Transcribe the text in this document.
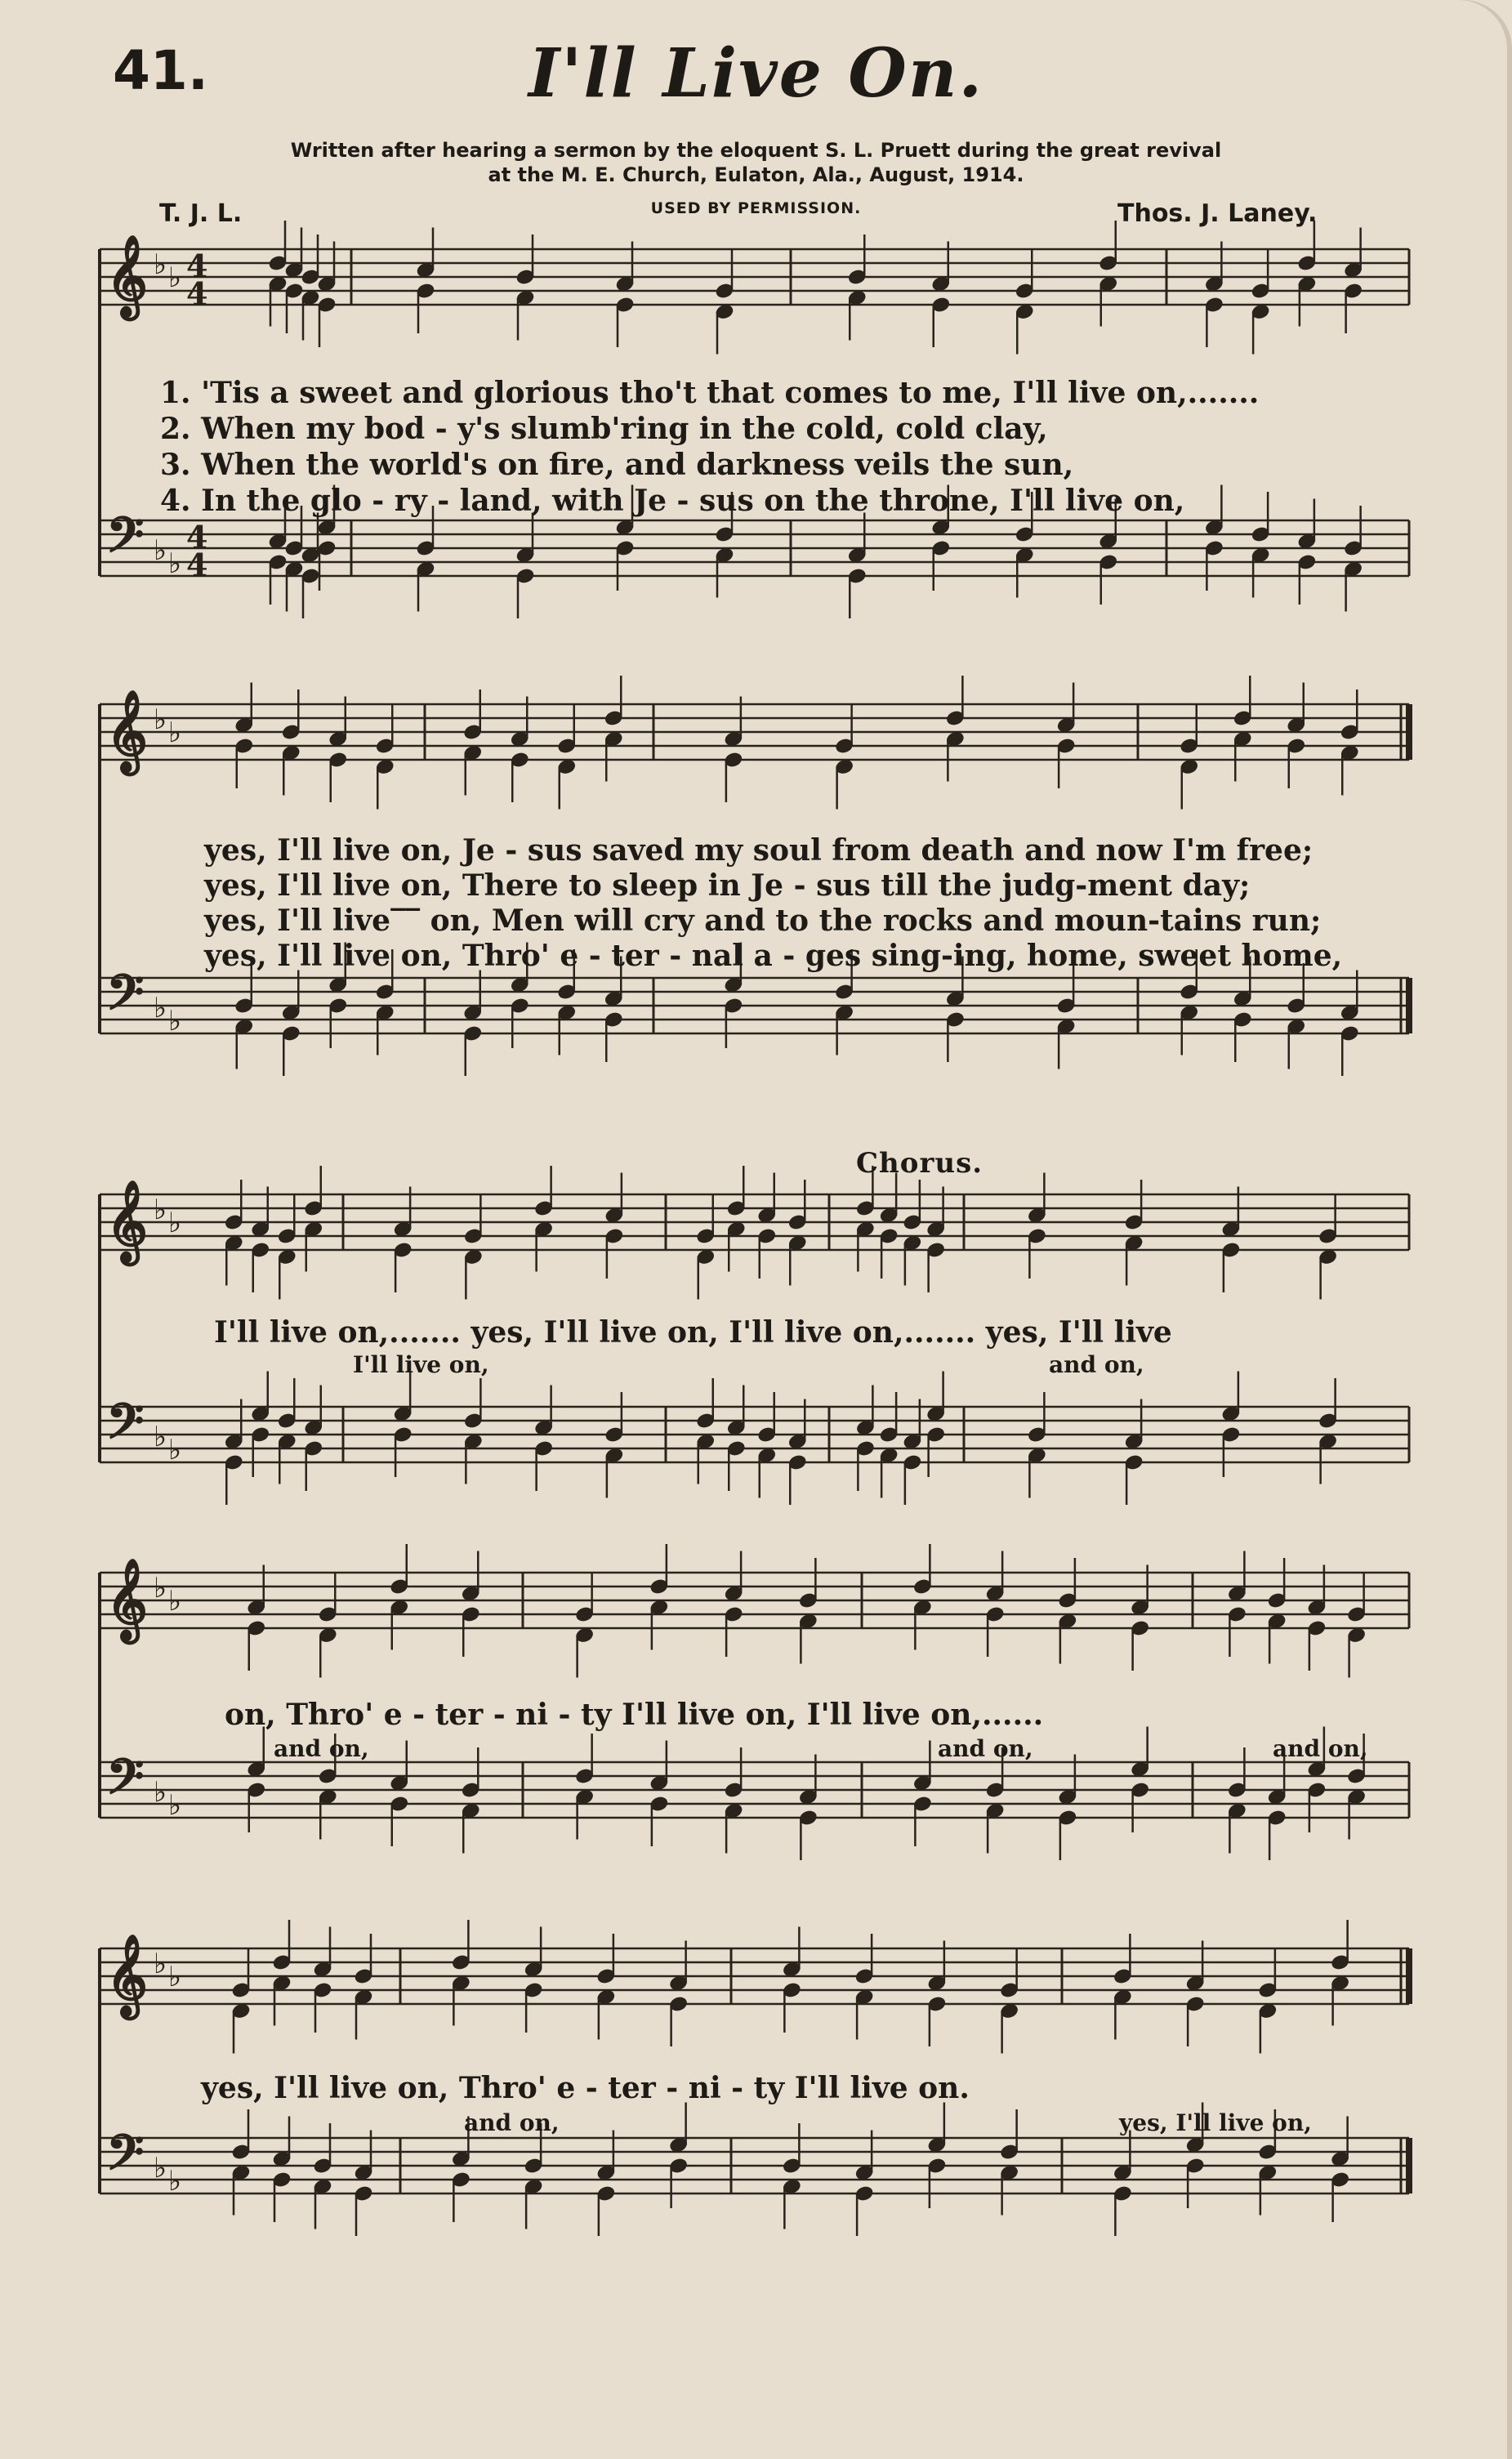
41.	I'll Live On.
Written after hearing a sermon by the eloquent S. L. Pruett during the great revival
at the M. E. Church, Eulaton, Ala., August, 1914.
T. J. L.	USED BY PERMISSION.	Thos. J. Laney.
𝄞
𝄢
♭ ♭
♭ ♭
4
4
4
4
𝄞
𝄢
♭ ♭
♭ ♭
𝄞
𝄢
♭ ♭
♭ ♭
𝄞
𝄢
♭ ♭
♭ ♭
𝄞
𝄢
♭ ♭
♭ ♭
1. 'Tis a sweet and glorious tho't that comes to me, I'll live on,.......
2. When my bod - y's slumb'ring in the cold, cold clay,
3. When the world's on fire, and darkness veils the sun,
4. In the glo - ry - land, with Je - sus on the throne, I'll live on,
yes, I'll live on, Je - sus saved my soul from death and now I'm free;
yes, I'll live on, There to sleep in Je - sus till the judg-ment day;
yes, I'll live‾‾ on, Men will cry and to the rocks and moun-tains run;
yes, I'll live on, Thro' e - ter - nal a - ges sing-ing, home, sweet home,
Chorus.
I'll live on,....... yes, I'll live on, I'll live on,....... yes, I'll live
I'll live on,	and on,
on, Thro' e - ter - ni - ty I'll live on, I'll live on,......
and on,	and on,	and on,
yes, I'll live on, Thro' e - ter - ni - ty I'll live on.
and on,	yes, I'll live on,
